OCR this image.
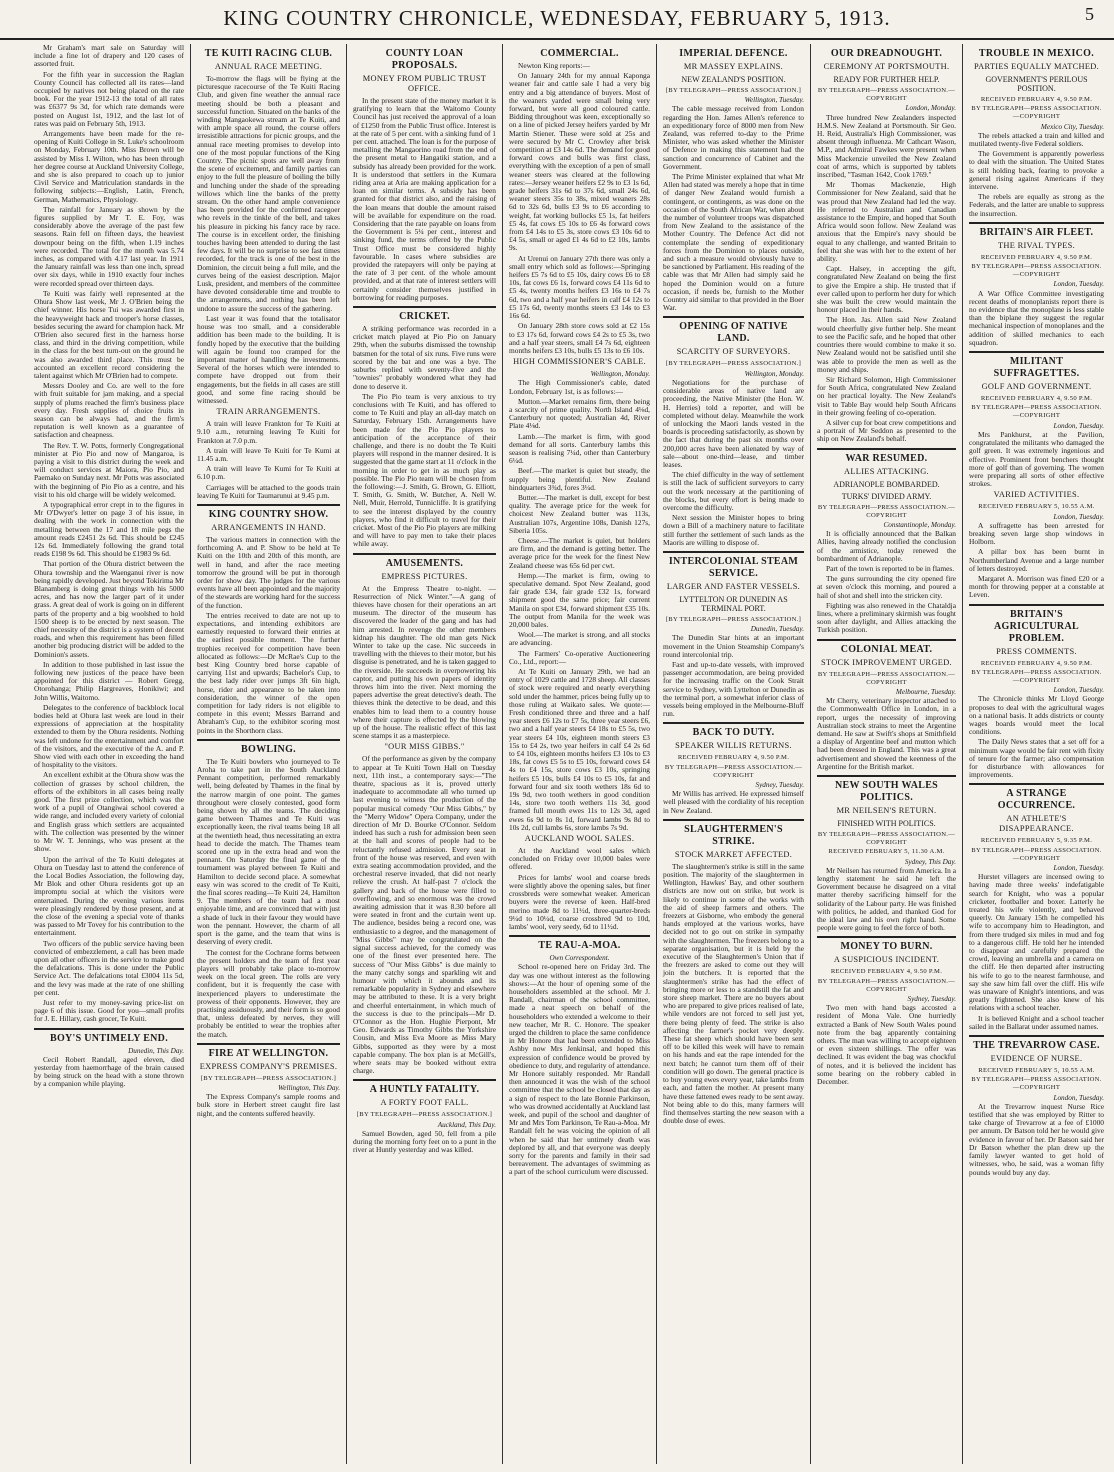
KING COUNTRY CHRONICLE, WEDNESDAY, FEBRUARY 5, 1913.	5

Mr Graham's mart sale on Saturday will include a fine lot of drapery and 120 cases of assorted fruit.

For the fifth year in succession the Raglan County Council has collected all its rates—land occupied by natives not being placed on the rate book. For the year 1912-13 the total of all rates was £6377 9s 3d, for which rate demands were posted on August 1st, 1912, and the last lot of rates was paid on February 5th, 1913.

Arrangements have been made for the re-opening of Kuiti College in St. Luke's schoolroom on Monday, February 10th. Miss Brown will be assisted by Miss I. Wilton, who has been through her degree course at Auckland University College, and she is also prepared to coach up to junior Civil Service and Matriculation standards in the following subjects:—English, Latin, French, German, Mathematics, Physiology.

The rainfall for January as shown by the figures supplied by Mr T. E. Foy, was considerably above the average of the past few seasons. Rain fell on fifteen days, the heaviest downpour being on the fifth, when 1.19 inches were recorded. The total for the month was 5.74 inches, as compared with 4.17 last year. In 1911 the January rainfall was less than one inch, spread over six days, while in 1910 exactly four inches were recorded spread over thirteen days.

Te Kuiti was fairly well represented at the Ohura Show last week, Mr J. O'Brien being the chief winner. His horse Tui was awarded first in the heavyweight hack and trooper's horse classes, besides securing the award for champion hack. Mr O'Brien also secured first in the harness horse class, and third in the driving competition, while in the class for the best turn-out on the ground he was also awarded third place. This must be accounted an excellent record considering the talent against which Mr O'Brien had to compete.

Messrs Dooley and Co. are well to the fore with fruit suitable for jam making, and a special supply of plums reached the firm's business place every day. Fresh supplies of choice fruits in season can be always had, and the firm's reputation is well known as a guarantee of satisfaction and cheapness.

The Rev. T. W. Potts, formerly Congregational minister at Pio Pio and now of Mangaroa, is paying a visit to this district during the week and will conduct services at Maiora, Pio Pio, and Paemako on Sunday next. Mr Potts was associated with the beginning of Pio Pio as a centre, and his visit to his old charge will be widely welcomed.

A typographical error crept in to the figures in Mr O'Dwyer's letter on page 3 of his issue, in dealing with the work in connection with the metalling between the 17 and 18 mile pegs the amount reads £2451 2s 6d. This should be £245 12s 6d. Immediately following the grand total reads £198 9s 6d. This should be £1983 9s 6d.

That portion of the Ohura district between the Ohura township and the Waenganui river is now being rapidly developed. Just beyond Tokirima Mr Blanamberg is doing great things with his 5000 acres, and has now the larger part of it under grass. A great deal of work is going on in different parts of the property and a big woolshed to hold 1500 sheep is to be erected by next season. The chief necessity of the district is a system of decent roads, and when this requirement has been filled another big producing district will be added to the Dominion's assets.

In addition to those published in last issue the following new justices of the peace have been appointed for this district — Robert Gregg, Otorohanga; Philip Hargreaves, Honikiwi; and John Willis, Waitomo.

Delegates to the conference of backblock local bodies held at Ohura last week are loud in their expressions of appreciation at the hospitality extended to them by the Ohura residents. Nothing was left undone for the entertainment and comfort of the visitors, and the executive of the A. and P. Show vied with each other in exceeding the hand of hospitality to the visitors.

An excellent exhibit at the Ohura show was the collection of grasses by school children, the efforts of the exhibitors in all cases being really good. The first prize collection, which was the work of a pupil of Otangiwai school covered a wide range, and included every variety of colonial and English grass which settlers are acquainted with. The collection was presented by the winner to Mr W. T. Jennings, who was present at the show.

Upon the arrival of the Te Kuiti delegates at Ohura on Tuesday last to attend the conference of the Local Bodies Association, the following day, Mr Blok and other Ohura residents got up an impromptu social at which the visitors were entertained. During the evening various items were pleasingly rendered by those present, and at the close of the evening a special vote of thanks was passed to Mr Tovey for his contribution to the entertainment.

Two officers of the public service having been convicted of embezzlement, a call has been made upon all other officers in the service to make good the defalcations. This is done under the Public Service Act. The defalcations total £3004 11s 5d, and the levy was made at the rate of one shilling per cent.

Just refer to my money-saving price-list on page 6 of this issue. Good for you—small profits for J. E. Hillary, cash grocer, Te Kuiti.

BOY'S UNTIMELY END.
Dunedin, This Day.

Cecil Robert Randall, aged eleven, died yesterday from haemorrhage of the brain caused by being struck on the head with a stone thrown by a companion while playing.

TE KUITI RACING CLUB.
ANNUAL RACE MEETING.

To-morrow the flags will be flying at the picturesque racecourse of the Te Kuiti Racing Club, and given fine weather the annual race meeting should be both a pleasant and successful function. Situated on the banks of the winding Mangaokewa stream at Te Kuiti, and with ample space all round, the course offers irresistible attractions for picnic groups, and the annual race meeting promises to develop into one of the most popular functions of the King Country. The picnic spots are well away from the scene of excitement, and family parties can enjoy to the full the pleasure of boiling the billy and lunching under the shade of the spreading willows which line the banks of the pretty stream. On the other hand ample convenience has been provided for the confirmed racegoer who revels in the tinkle of the bell, and takes his pleasure in picking his fancy race by race. The course is in excellent order, the finishing touches having been attended to during the last few days. It will be no surprise to see fast times recorded, for the track is one of the best in the Dominion, the circuit being a full mile, and the curves being of the easiest description. Major Lusk, president, and members of the committee have devoted considerable time and trouble to the arrangements, and nothing has been left undone to assure the success of the gathering.

Last year it was found that the totalisator house was too small, and a considerable addition has been made to the building. It is fondly hoped by the executive that the building will again be found too cramped for the important matter of handling the investments. Several of the horses which were intended to compete have dropped out from their engagements, but the fields in all cases are still good, and some fine racing should be witnessed.

TRAIN ARRANGEMENTS.

A train will leave Frankton for Te Kuiti at 9.10 a.m., returning leaving Te Kuiti for Frankton at 7.0 p.m.

A train will leave Te Kuiti for Te Kumi at 11.45 a.m.

A train will leave Te Kumi for Te Kuiti at 6.10 p.m.

Carriages will be attached to the goods train leaving Te Kuiti for Taumarunui at 9.45 p.m.

KING COUNTRY SHOW.
ARRANGEMENTS IN HAND.

The various matters in connection with the forthcoming A. and P. Show to be held at Te Kuiti on the 10th and 20th of this month, are well in hand, and after the race meeting tomorrow the ground will be put in thorough order for show day. The judges for the various events have all been appointed and the majority of the stewards are working hard for the success of the function.

The entries received to date are not up to expectations, and intending exhibitors are earnestly requested to forward their entries at the earliest possible moment. The further trophies received for competition have been allocated as follows:—Dr McRae's Cup to the best King Country bred horse capable of carrying 11st and upwards; Bachelor's Cup, to the best lady rider over jumps 3ft 6in high, horse, rider and appearance to be taken into consideration, the winner of the open competition for lady riders is not eligible to compete in this event; Messrs Barrand and Abraham's Cup, to the exhibitor scoring most points in the Shorthorn class.

BOWLING.

The Te Kuiti bowlers who journeyed to Te Aroha to take part in the South Auckland Pennant competition, performed remarkably well, being defeated by Thames in the final by the narrow margin of one point. The games throughout were closely contested, good form being shown by all the teams. The deciding game between Thames and Te Kuiti was exceptionally keen, the rival teams being 18 all at the twentieth head, thus necessitating an extra head to decide the match. The Thames team scored one up in the extra head and won the pennant. On Saturday the final game of the tournament was played between Te Kuiti and Hamilton to decide second place. A somewhat easy win was scored to the credit of Te Kuiti, the final scores reading—Te Kuiti 24, Hamilton 9. The members of the team had a most enjoyable time, and are convinced that with just a shade of luck in their favour they would have won the pennant. However, the charm of all sport is the game, and the team that wins is deserving of every credit.

The contest for the Cochrane forms between the present holders and the team of first year players will probably take place to-morrow week on the local green. The rolls are very confident, but it is frequently the case with inexperienced players to underestimate the prowess of their opponents. However, they are practising assiduously, and their form is so good that, unless defeated by nerves, they will probably be entitled to wear the trophies after the match.

FIRE AT WELLINGTON.
EXPRESS COMPANY'S PREMISES.
[BY TELEGRAPH—PRESS ASSOCIATION.]
Wellington, This Day.

The Express Company's sample rooms and bulk store in Herbert street caught fire last night, and the contents suffered heavily.

COUNTY LOAN PROPOSALS.
MONEY FROM PUBLIC TRUST OFFICE.

In the present state of the money market it is gratifying to learn that the Waitomo County Council has just received the approval of a loan of £1250 from the Public Trust office. Interest is at the rate of 5 per cent. with a sinking fund of 1 per cent. attached. The loan is for the purpose of metalling the Mangaorino road from the end of the present metal to Hangatiki station, and a subsidy has already been provided for the work. It is understood that settlers in the Kumara riding area at Aria are making application for a loan on similar terms. A subsidy has been granted for that district also, and the raising of the loan means that double the amount raised will be available for expenditure on the road. Considering that the rate payable on loans from the Government is 5¼ per cent., interest and sinking fund, the terms offered by the Public Trust Office must be considered highly favourable. In cases where subsidies are provided the ratepayers will only be paying at the rate of 3 per cent. of the whole amount provided, and at that rate of interest settlers will certainly consider themselves justified in borrowing for reading purposes.

CRICKET.

A striking performance was recorded in a cricket match played at Pio Pio on January 29th, when the suburbs dismissed the township batsmen for the total of six runs. Five runs were scored by the bat and one was a bye. The suburbs replied with seventy-five and the "townies" probably wondered what they had done to deserve it.

The Pio Pio team is very anxious to try conclusions with Te Kuiti, and has offered to come to Te Kuiti and play an all-day match on Saturday, February 15th. Arrangements have been made for the Pio Pio players to anticipation of the acceptance of their challenge, and there is no doubt the Te Kuiti players will respond in the manner desired. It is suggested that the game start at 11 o'clock in the morning in order to get in as much play as possible. The Pio Pio team will be chosen from the following:—J. Smith, G. Brown, G. Elliott, T. Smith, G. Smith, W. Butcher, A. Nell W. Nell, Muir, Herrold, Tunnicliffe. It is gratifying to see the interest displayed by the country players, who find it difficult to travel for their cricket. Most of the Pio Pio players are milking and will have to pay men to take their places while away.

AMUSEMENTS.
EMPRESS PICTURES.

At the Empress Theatre to-night. —Resurrection of Nick Winter."—A gang of thieves have chosen for their operations an art museum. The director of the museum has discovered the leader of the gang and has had him arrested. In revenge the other members kidnap his daughter. The old man gets Nick Winter to take up the case. Nic succeeds in travelling with the thieves to their motor, but his disguise is penetrated, and he is taken gagged to the riverside. He succeeds in overpowering his captor, and putting his own papers of identity throws him into the river. Next morning the papers advertise the great detective's death. The thieves think the detective to be dead, and this enables him to lead them to a country house where their capture is effected by the blowing up of the house. The realistic effect of this last scene stamps it as a masterpiece.

"OUR MISS GIBBS."

Of the performance as given by the company to appear at Te Kuiti Town Hall on Tuesday next, 11th inst., a contemporary says:—"The theatre, spacious as it is, proved utterly inadequate to accommodate all who turned up last evening to witness the production of the popular musical comedy "Our Miss Gibbs," by the "Merry Widow" Opera Company, under the direction of Mr D. Bourke O'Connor. Seldom indeed has such a rush for admission been seen at the hall and scores of people had to be reluctantly refused admission. Every seat in front of the house was reserved, and even with extra seating accommodation provided, and the orchestral reserve invaded, that did not nearly relieve the crush. At half-past 7 o'clock the gallery and back of the house were filled to overflowing, and so enormous was the crowd awaiting admission that it was 8.30 before all were seated in front and the curtain went up. The audience, besides being a record one, was enthusiastic to a degree, and the management of "Miss Gibbs" may be congratulated on the signal success achieved, for the comedy was one of the finest ever presented here. The success of "Our Miss Gibbs" is due mainly to the many catchy songs and sparkling wit and humour with which it abounds and its remarkable popularity in Sydney and elsewhere may be attributed to these. It is a very bright and cheerful entertainment, in which much of the success is due to the principals—Mr D. O'Connor as the Hon. Hughie Pierpont, Mr Geo. Edwards as Timothy Gibbs the Yorkshire Cousin, and Miss Eva Moore as Miss Mary Gibbs, supported as they were by a most capable company. The box plan is at McGill's, where seats may be booked without extra charge.

A HUNTLY FATALITY.
A FORTY FOOT FALL.
[BY TELEGRAPH—PRESS ASSOCIATION.]
Auckland, This Day.

Samuel Bowden, aged 50, fell from a pile during the morning forty feet on to a punt in the river at Huntly yesterday and was killed.

COMMERCIAL.

Newton King reports:—

On January 24th for my annual Kaponga weaner fair and cattle sale I had a very big entry and a big attendance of buyers. Most of the weaners yarded were small being very forward, but were all good coloured cattle. Bidding throughout was keen, exceptionally so on a line of picked Jersey heifers yarded by Mr Martin Stiener. These were sold at 25s and were secured by Mr C. Crowley after brisk competition at £3 14s 6d. The demand for good forward cows and bulls was first class, everything with the exception of a pen of small weaner steers was cleared at the following rates:—Jersey weaner heifers £2 9s to £3 1s 6d, grade heifers 31s 6d to 37s 6d, small 24s 6d, weaner steers 35s to 38s, mixed weaners 28s 6d to 32s 6d, bulls £3 9s to £6 according to weight, fat working bullocks £5 1s, fat heifers £5 4s, fat cows £5 10s to £6 4s forward cows from £4 14s to £5 3s, store cows £3 10s 6d to £4 5s, small or aged £1 4s 6d to £2 10s, lambs 9s.

At Urenui on January 27th there was only a small entry which sold as follows:—Springing heifers £5 7s 6d to £5 10s, dairy cows £6 to £8 10s, fat cows £6 1s, forward cows £4 11s 6d to £5 4s, twenty months heifers £3 16s to £4 7s 6d, two and a half year heifers in calf £4 12s to £5 17s 6d, twenty months steers £3 14s to £3 16s 6d.

On January 28th store cows sold at £2 15s to £3 17s 6d, forward cows £4 2s to £5 3s, two and a half year steers, small £4 7s 6d, eighteen months heifers £3 10s, bulls £5 13s to £6 10s.

HIGH COMMISSIONER'S CABLE.
Wellington, Monday.

The High Commissioner's cable, dated London, February 1st, is as follows:—

Mutton.—Market remains firm, there being a scarcity of prime quality. North Island 4⅛d, Canterbury not quoted; Australian 4d, River Plate 4⅛d.

Lamb.—The market is firm, with good demand for all sorts. Canterbury lambs this season is realising 7¼d, other than Canterbury 6¼d.

Beef.—The market is quiet but steady, the supply being plentiful. New Zealand hindquarters 3¾d, fores 3¼d.

Butter.—The market is dull, except for best quality. The average price for the week for choicest New Zealand butter was 113s, Australian 107s, Argentine 108s, Danish 127s, Siberia 105s.

Cheese.—The market is quiet, but holders are firm, and the demand is getting better. The average price for the week for the finest New Zealand cheese was 65s 6d per cwt.

Hemp.—The market is firm, owing to speculative demand. Spot New Zealand, good fair grade £34, fair grade £32 1s, forward shipment good the same price; fair current Manila on spot £34, forward shipment £35 10s. The output from Manila for the week was 20,000 bales.

Wool.—The market is strong, and all stocks are advancing.

The Farmers' Co-operative Auctioneering Co., Ltd., report:—

At Te Kuiti on January 29th, we had an entry of 1029 cattle and 1728 sheep. All classes of stock were required and nearly everything sold under the hammer, prices being fully up to those ruling at Waikato sales. We quote:—Fresh conditioned three and three and a half year steers £6 12s to £7 5s, three year steers £6, two and a half year steers £4 18s to £5 5s, two year steers £4 10s, eighteen month steers £3 15s to £4 2s, two year heifers in calf £4 2s 6d to £4 10s, eighteen months heifers £3 10s to £3 18s, fat cows £5 5s to £5 10s, forward cows £4 4s to £4 15s, store cows £3 10s, springing heifers £5 10s, bulls £4 10s to £5 10s, fat and forward four and six tooth wethers 18s 6d to 19s 9d, two tooth wethers in good condition 14s, store two tooth wethers 11s 3d, good framed full mouth ewes 11s to 12s 3d, aged ewes 6s 9d to 8s 1d, forward lambs 9s 8d to 10s 2d, cull lambs 6s, store lambs 7s 9d.

AUCKLAND WOOL SALES.

At the Auckland wool sales which concluded on Friday over 10,000 bales were offered.

Prices for lambs' wool and coarse breds were slightly above the opening sales, but finer crossbreds were somewhat weaker. American buyers were the reverse of keen. Half-bred merino made 8d to 11½d, three-quarter-breds 9¼d to 10¼d, coarse crossbred 9d to 10d, lambs' wool, very seedy, 6d to 11½d.

TE RAU-A-MOA.
Own Correspondent.

School re-opened here on Friday 3rd. The day was one without interest as the following shows:—At the hour of opening some of the householders assembled at the school. Mr J. Randall, chairman of the school committee, made a neat speech on behalf of the householders who extended a welcome to their new teacher, Mr R. C. Honore. The speaker urged the children to place the same confidence in Mr Honore that had been extended to Miss Ashby now Mrs Jenkinsal, and hoped this expression of confidence would be proved by obedience to duty, and regularity of attendance. Mr Honore suitably responded. Mr Randall then announced it was the wish of the school committee that the school be closed that day as a sign of respect to the late Bonnie Parkinson, who was drowned accidentally at Auckland last week, and pupil of the school and daughter of Mr and Mrs Tom Parkinson, Te Rau-a-Moa. Mr Randall felt he was voicing the opinion of all when he said that her untimely death was deplored by all, and that everyone was deeply sorry for the parents and family in their sad bereavement. The advantages of swimming as a part of the school curriculum were discussed.

IMPERIAL DEFENCE.
MR MASSEY EXPLAINS.
NEW ZEALAND'S POSITION.
[BY TELEGRAPH—PRESS ASSOCIATION.]
Wellington, Tuesday.

The cable message received from London regarding the Hon. James Allen's reference to an expeditionary force of 8000 men from New Zealand, was referred to-day to the Prime Minister, who was asked whether the Minister of Defence in making this statement had the sanction and concurrence of Cabinet and the Government.

The Prime Minister explained that what Mr Allen had stated was merely a hope that in time of danger New Zealand would furnish a contingent, or contingents, as was done on the occasion of the South African War, when about the number of volunteer troops was dispatched from New Zealand to the assistance of the Mother Country. The Defence Act did not contemplate the sending of expeditionary forces from the Dominion to places outside, and such a measure would obviously have to be sanctioned by Parliament. His reading of the cable was that Mr Allen had simply said he hoped the Dominion would on a future occasion, if needs be, furnish to the Mother Country aid similar to that provided in the Boer War.

OPENING OF NATIVE LAND.
SCARCITY OF SURVEYORS.
[BY TELEGRAPH—PRESS ASSOCIATION.]
Wellington, Monday.

Negotiations for the purchase of considerable areas of native land are proceeding, the Native Minister (the Hon. W. H. Herries) told a reporter, and will be completed without delay. Meanwhile the work of unlocking the Maori lands vested in the boards is proceeding satisfactorily, as shown by the fact that during the past six months over 200,000 acres have been alienated by way of sale—about one-third—lease, and timber leases.

The chief difficulty in the way of settlement is still the lack of sufficient surveyors to carry out the work necessary at the partitioning of the blocks, but every effort is being made to overcome the difficulty.

Next session the Minister hopes to bring down a Bill of a machinery nature to facilitate still further the settlement of such lands as the Maoris are willing to dispose of.

INTERCOLONIAL STEAM SERVICE.
LARGER AND FASTER VESSELS.
LYTTELTON OR DUNEDIN AS TERMINAL PORT.
[BY TELEGRAPH—PRESS ASSOCIATION.]
Dunedin, Tuesday.

The Dunedin Star hints at an important movement in the Union Steamship Company's round intercolonial trip.

Fast and up-to-date vessels, with improved passenger accommodation, are being provided for the increasing traffic on the Cook Strait service to Sydney, with Lyttelton or Dunedin as the terminal port, a somewhat inferior class of vessels being employed in the Melbourne-Bluff run.

BACK TO DUTY.
SPEAKER WILLIS RETURNS.
RECEIVED FEBRUARY 4, 9.50 P.M.
BY TELEGRAPH—PRESS ASSOCIATION.—COPYRIGHT
Sydney, Tuesday.

Mr Willis has arrived. He expressed himself well pleased with the cordiality of his reception in New Zealand.

SLAUGHTERMEN'S STRIKE.
STOCK MARKET AFFECTED.

The slaughtermen's strike is still in the same position. The majority of the slaughtermen in Wellington, Hawkes' Bay, and other southern districts are now out on strike, but work is likely to continue in some of the works with the aid of sheep farmers and others. The freezers at Gisborne, who embody the general hands employed at the various works, have decided not to go out on strike in sympathy with the slaughtermen. The freezers belong to a separate organisation, but it is held by the executive of the Slaughtermen's Union that if the freezers are asked to come out they will join the butchers. It is reported that the slaughtermen's strike has had the effect of bringing more or less to a standstill the fat and store sheep market. There are no buyers about who are prepared to give prices realised of late, while vendors are not forced to sell just yet, there being plenty of feed. The strike is also affecting the farmer's pocket very deeply. These fat sheep which should have been sent off to be killed this week will have to remain on his hands and eat the rape intended for the next batch; he cannot turn them off of their condition will go down. The general practice is to buy young ewes every year, take lambs from each, and fatten the mother. At present many have these fattened ewes ready to be sent away. Not being able to do this, many farmers will find themselves starting the new season with a double dose of ewes.

OUR DREADNOUGHT.
CEREMONY AT PORTSMOUTH.
READY FOR FURTHER HELP.
BY TELEGRAPH—PRESS ASSOCIATION.—COPYRIGHT
London, Monday.

Three hundred New Zealanders inspected H.M.S. New Zealand at Portsmouth. Sir Geo. H. Reid, Australia's High Commissioner, was absent through influenza. Mr Cathcart Wason, M.P., and Admiral Fawkes were present when Miss Mackenzie unveiled the New Zealand coat of arms, which is supported by tablets inscribed, "Tasman 1642, Cook 1769."

Mr Thomas Mackenzie, High Commissioner for New Zealand, said that he was proud that New Zealand had led the way. He referred to Australian and Canadian assistance to the Empire, and hoped that South Africa would soon follow. New Zealand was anxious that the Empire's navy should be equal to any challenge, and wanted Britain to feel that she was with her to the extent of her ability.

Capt. Halsey, in accepting the gift, congratulated New Zealand on being the first to give the Empire a ship. He trusted that if ever called upon to perform her duty for which she was built the crew would maintain the honour placed in their hands.

The Hon. Jas. Allen said New Zealand would cheerfully give further help. She meant to see the Pacific safe, and he hoped that other countries there would combine to make it so. New Zealand would not be satisfied until she was able to provide the men as well as the money and ships.

Sir Richard Solomon, High Commissioner for South Africa, congratulated New Zealand on her practical loyalty. The New Zealand's visit to Table Bay would help South Africans in their growing feeling of co-operation.

A silver cup for boat crew competitions and a portrait of Mr Seddon as presented to the ship on New Zealand's behalf.

WAR RESUMED.
ALLIES ATTACKING.
ADRIANOPLE BOMBARDED.
TURKS' DIVIDED ARMY.
BY TELEGRAPH—PRESS ASSOCIATION.—COPYRIGHT
Constantinople, Monday.

It is officially announced that the Balkan Allies, having already notified the conclusion of the armistice, today renewed the bombardment of Adrianople.

Part of the town is reported to be in flames.

The guns surrounding the city opened fire at seven o'clock this morning, and poured a hail of shot and shell into the stricken city.

Fighting was also renewed in the Chataldja lines, where a preliminary skirmish was fought soon after daylight, and Allies attacking the Turkish position.

COLONIAL MEAT.
STOCK IMPROVEMENT URGED.
BY TELEGRAPH—PRESS ASSOCIATION.—COPYRIGHT
Melbourne, Tuesday.

Mr Cherry, veterinary inspector attached to the Commonwealth Office in London, in a report, urges the necessity of improving Australian stock strains to meet the Argentine demand. He saw at Swift's shops at Smithfield a display of Argentine beef and mutton which had been dressed in England. This was a great advertisement and showed the keenness of the Argentine for the British market.

NEW SOUTH WALES POLITICS.
MR NEILSEN'S RETURN.
FINISHED WITH POLITICS.
BY TELEGRAPH—PRESS ASSOCIATION.—COPYRIGHT
RECEIVED FEBRUARY 5, 11.30 A.M.
Sydney, This Day.

Mr Neilsen has returned from America. In a lengthy statement he said he left the Government because he disagreed on a vital matter thereby sacrificing himself for the solidarity of the Labour party. He was finished with politics, he added, and thanked God for the ideal law and his own right hand. Some people were going to feel the force of both.

MONEY TO BURN.
A SUSPICIOUS INCIDENT.
RECEIVED FEBRUARY 4, 9.50 P.M.
BY TELEGRAPH—PRESS ASSOCIATION.—COPYRIGHT
Sydney, Tuesday.

Two men with hand bags accosted a resident of Mona Vale. One hurriedly extracted a Bank of New South Wales pound note from the bag apparently containing others. The man was willing to accept eighteen or even sixteen shillings. The offer was declined. It was evident the bag was chockful of notes, and it is believed the incident has some bearing on the robbery cabled in December.

TROUBLE IN MEXICO.
PARTIES EQUALLY MATCHED.
GOVERNMENT'S PERILOUS POSITION.
RECEIVED FEBRUARY 4, 9.50 P.M.
BY TELEGRAPH—PRESS ASSOCIATION.—COPYRIGHT
Mexico City, Tuesday.

The rebels attacked a train and killed and mutilated twenty-five Federal soldiers.

The Government is apparently powerless to deal with the situation. The United States is still holding back, fearing to provoke a general rising against Americans if they intervene.

The rebels are equally as strong as the Federals, and the latter are unable to suppress the insurrection.

BRITAIN'S AIR FLEET.
THE RIVAL TYPES.
RECEIVED FEBRUARY 4, 9.50 P.M.
BY TELEGRAPH—PRESS ASSOCIATION.—COPYRIGHT
London, Tuesday.

A War Office Committee investigating recent deaths of monoplanists report there is no evidence that the monoplane is less stable than the biplane they suggest the regular mechanical inspection of monoplanes and the addition of skilled mechanics to each squadron.

MILITANT SUFFRAGETTES.
GOLF AND GOVERNMENT.
RECEIVED FEBRUARY 4, 9.50 P.M.
BY TELEGRAPH—PRESS ASSOCIATION.—COPYRIGHT
London, Tuesday.

Mrs Pankhurst, at the Pavilion, congratulated the militants who damaged the golf green. It was extremely ingenious and effective. Prominent front benchers thought more of golf than of governing. The women were preparing all sorts of other effective strokes.

VARIED ACTIVITIES.
RECEIVED FEBRUARY 5, 10.55 A.M.
London, Tuesday.

A suffragette has been arrested for breaking seven large shop windows in Holborn.

A pillar box has been burnt in Northumberland Avenue and a large number of letters destroyed.

Margaret A. Morrison was fined £20 or a month for throwing pepper at a constable at Leven.

BRITAIN'S AGRICULTURAL PROBLEM.
PRESS COMMENTS.
RECEIVED FEBRUARY 4, 9.50 P.M.
BY TELEGRAPH—PRESS ASSOCIATION.—COPYRIGHT
London, Tuesday.

The Chronicle thinks Mr Lloyd George proposes to deal with the agricultural wages on a national basis. It adds districts or county wages boards would meet the local conditions.

The Daily News states that a set off for a minimum wage would be fair rent with fixity of tenure for the farmer; also compensation for disturbance with allowances for improvements.

A STRANGE OCCURRENCE.
AN ATHLETE'S DISAPPEARANCE.
RECEIVED FEBRUARY 5, 9.35 P.M.
BY TELEGRAPH—PRESS ASSOCIATION.—COPYRIGHT
London, Tuesday.

Hurstet villagers are incensed owing to having made three weeks' indefatigable search for Knight, who was a popular cricketer, footballer and boxer. Latterly he treated his wife violently, and behaved queerly. On January 15th he compelled his wife to accompany him to Headington, and from there trudged six miles in mud and fog to a dangerous cliff. He told her he intended to disappear and carefully prepared the crowd, leaving an umbrella and a camera on the cliff. He then departed after instructing his wife to go to the nearest farmhouse, and say she saw him fall over the cliff. His wife was unaware of Knight's intentions, and was greatly frightened. She also knew of his relations with a school teacher.

It is believed Knight and a school teacher sailed in the Ballarat under assumed names.

THE TREVARROW CASE.
EVIDENCE OF NURSE.
RECEIVED FEBRUARY 5, 10.55 A.M.
BY TELEGRAPH—PRESS ASSOCIATION.—COPYRIGHT
London, Tuesday.

At the Trevarrow inquest Nurse Rice testified that she was employed by Ritter to take charge of Trevarrow at a fee of £1000 per annum. Dr Batson told her he would give evidence in favour of her. Dr Batson said her Dr Batson whether the plan drew up the family lawyer wanted to get hold of witnesses, who, he said, was a woman fifty pounds would buy any day.
